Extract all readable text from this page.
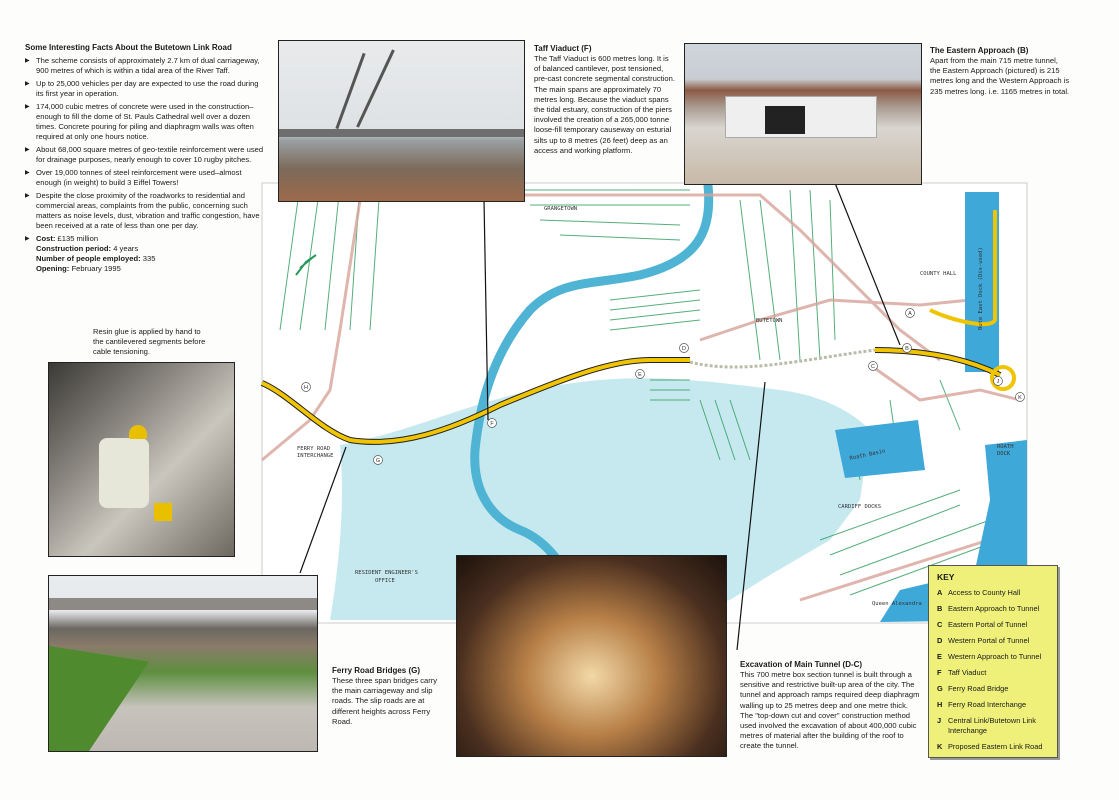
A
B
C
D
E
F
G
H
J
K
GRANGETOWN
COUNTY HALL
BUTETOWN	Bute East Dock (Dis-used)
FERRY ROAD
INTERCHANGE
RESIDENT ENGINEER'S
OFFICE
Roath Basin
ROATH
DOCK
CARDIFF DOCKS
Queen Alexandra
Some Interesting Facts About the Butetown Link Road
▶ The scheme consists of approximately 2.7 km of dual carriageway, 900 metres of which is within a tidal area of the River Taff.
▶ Up to 25,000 vehicles per day are expected to use the road during its first year in operation.
▶ 174,000 cubic metres of concrete were used in the construction–enough to fill the dome of St. Pauls Cathedral well over a dozen times. Concrete pouring for piling and diaphragm walls was often required at only one hours notice.
▶ About 68,000 square metres of geo-textile reinforcement were used for drainage purposes, nearly enough to cover 10 rugby pitches.
▶ Over 19,000 tonnes of steel reinforcement were used–almost enough (in weight) to build 3 Eiffel Towers!
▶ Despite the close proximity of the roadworks to residential and commercial areas, complaints from the public, concerning such matters as noise levels, dust, vibration and traffic congestion, have been received at a rate of less than one per day.
▶ Cost: £135 million
Construction period: 4 years
Number of people employed: 335
Opening: February 1995
Resin glue is applied by hand to the cantilevered segments before cable tensioning.
Taff Viaduct (F)
The Taff Viaduct is 600 metres long. It is of balanced cantilever, post tensioned, pre-cast concrete segmental construction. The main spans are approximately 70 metres long. Because the viaduct spans the tidal estuary, construction of the piers involved the creation of a 265,000 tonne loose-fill temporary causeway on esturial silts up to 8 metres (26 feet) deep as an access and working platform.
The Eastern Approach (B)
Apart from the main 715 metre tunnel, the Eastern Approach (pictured) is 215 metres long and the Western Approach is 235 metres long. i.e. 1165 metres in total.
Ferry Road Bridges (G)
These three span bridges carry the main carriageway and slip roads. The slip roads are at different heights across Ferry Road.
Excavation of Main Tunnel (D-C)
This 700 metre box section tunnel is built through a sensitive and restrictive built-up area of the city. The tunnel and approach ramps required deep diaphragm walling up to 25 metres deep and one metre thick. The "top-down cut and cover" construction method used involved the excavation of about 400,000 cubic metres of material after the building of the roof to create the tunnel.
KEY
A Access to County Hall
B Eastern Approach to Tunnel
C Eastern Portal of Tunnel
D Western Portal of Tunnel
E Western Approach to Tunnel
F Taff Viaduct
G Ferry Road Bridge
H Ferry Road Interchange
J Central Link/Butetown Link Interchange
K Proposed Eastern Link Road
